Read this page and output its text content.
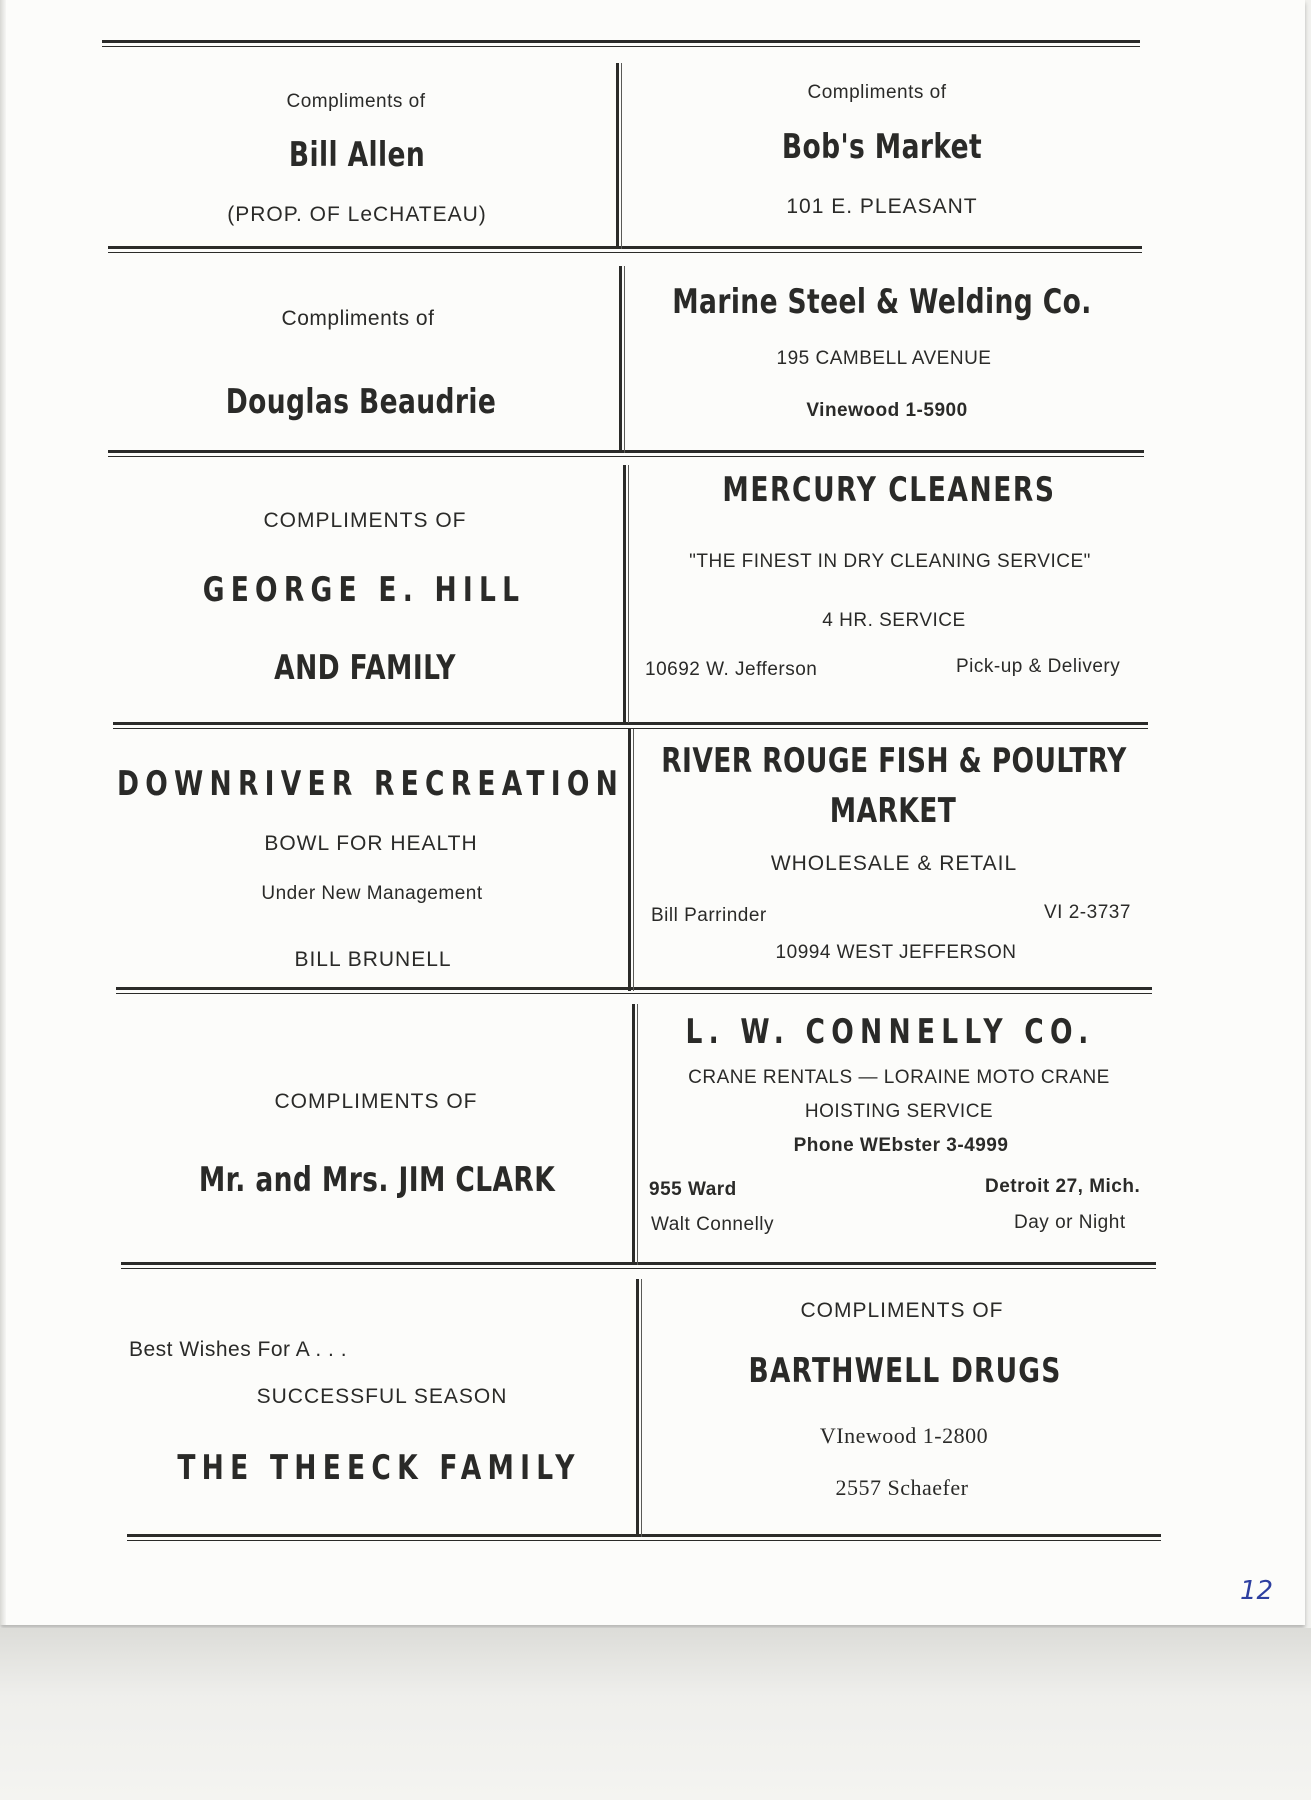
Compliments of
Bill Allen
(PROP. OF LeCHATEAU)
Compliments of
Bob's Market
101 E. PLEASANT
Compliments of
Douglas Beaudrie
Marine Steel & Welding Co.
195 CAMBELL AVENUE
Vinewood 1-5900
COMPLIMENTS OF
GEORGE E. HILL
AND FAMILY
MERCURY CLEANERS
"THE FINEST IN DRY CLEANING SERVICE"
4 HR. SERVICE
10692 W. Jefferson	Pick-up & Delivery
DOWNRIVER RECREATION
BOWL FOR HEALTH
Under New Management
BILL BRUNELL
RIVER ROUGE FISH & POULTRY
MARKET
WHOLESALE & RETAIL
Bill Parrinder	VI 2-3737
10994 WEST JEFFERSON
COMPLIMENTS OF
Mr. and Mrs. JIM CLARK
L. W. CONNELLY CO.
CRANE RENTALS — LORAINE MOTO CRANE
HOISTING SERVICE
Phone WEbster 3-4999
955 Ward	Detroit 27, Mich.
Walt Connelly	Day or Night
Best Wishes For A . . .
SUCCESSFUL SEASON
THE THEECK FAMILY
COMPLIMENTS OF
BARTHWELL DRUGS
VInewood 1-2800
2557 Schaefer
12
